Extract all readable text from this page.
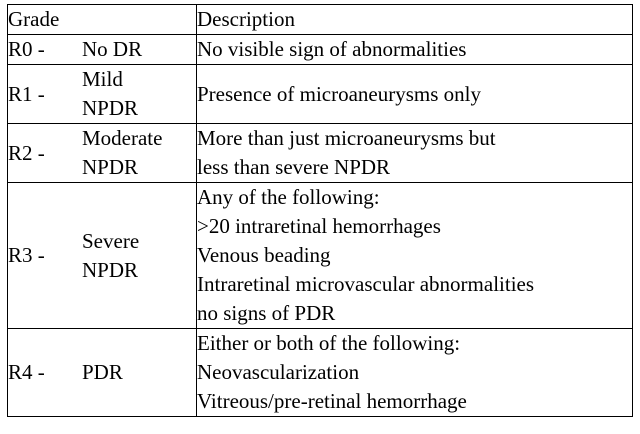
Grade	Description

R0 - No DR	No visible sign of abnormalities

R1 -
Mild
NPDR	Presence of microaneurysms only

R2 -
Moderate
NPDR	More than just microaneurysms but
less than severe NPDR

R3 -
Severe
NPDR	Any of the following:
>20 intraretinal hemorrhages
Venous beading
Intraretinal microvascular abnormalities
no signs of PDR

R4 - PDR	Either or both of the following:
Neovascularization
Vitreous/pre-retinal hemorrhage
